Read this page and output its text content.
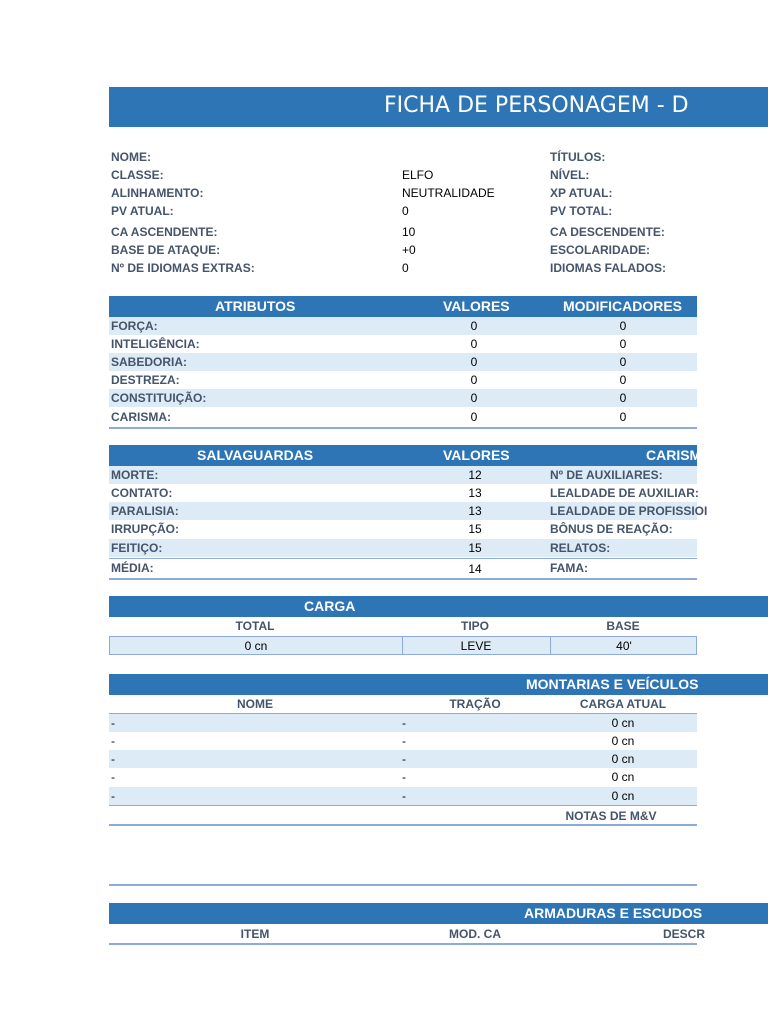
FICHA DE PERSONAGEM - D
NOME:
CLASSE:	ELFO
ALINHAMENTO:	NEUTRALIDADE
PV ATUAL:	0
CA ASCENDENTE:	10
BASE DE ATAQUE:	+0
Nº DE IDIOMAS EXTRAS:	0
TÍTULOS:
NÍVEL:
XP ATUAL:
PV TOTAL:
CA DESCENDENTE:
ESCOLARIDADE:
IDIOMAS FALADOS:
ATRIBUTOS	VALORES	MODIFICADORES
FORÇA:	0	0
INTELIGÊNCIA:	0	0
SABEDORIA:	0	0
DESTREZA:	0	0
CONSTITUIÇÃO:	0	0
CARISMA:	0	0
SALVAGUARDAS	VALORES	CARISM
MORTE:	12	Nº DE AUXILIARES:
CONTATO:	13	LEALDADE DE AUXILIAR:
PARALISIA:	13	LEALDADE DE PROFISSIOI
IRRUPÇÃO:	15	BÔNUS DE REAÇÃO:
FEITIÇO:	15	RELATOS:
MÉDIA:	14	FAMA:
CARGA
TOTAL	TIPO	BASE
0 cn	LEVE	40'
MONTARIAS E VEÍCULOS
NOME	TRAÇÃO	CARGA ATUAL
-	-	0 cn
-	-	0 cn
-	-	0 cn
-	-	0 cn
-	-	0 cn
NOTAS DE M&V
ARMADURAS E ESCUDOS
ITEM	MOD. CA	DESCR
